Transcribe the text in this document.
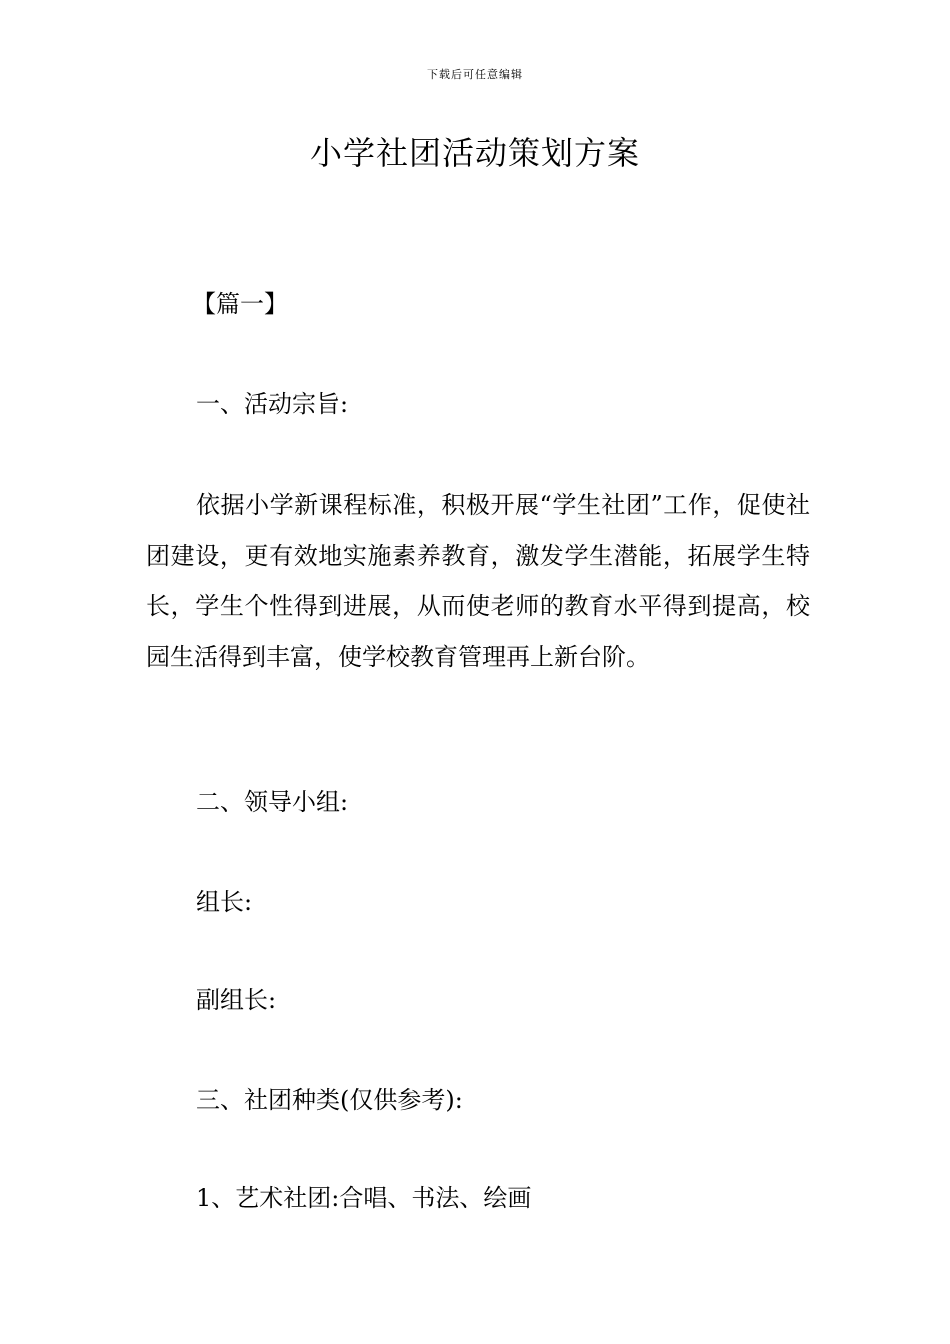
下载后可任意编辑
小学社团活动策划方案
【篇一】
一、活动宗旨:

依据小学新课程标准，积极开展“学生社团”工作，促使社团建设，更有效地实施素养教育，激发学生潜能，拓展学生特长，学生个性得到进展，从而使老师的教育水平得到提高，校园生活得到丰富，使学校教育管理再上新台阶。

二、领导小组:
组长:
副组长:
三、社团种类(仅供参考):
1、艺术社团:合唱、书法、绘画
